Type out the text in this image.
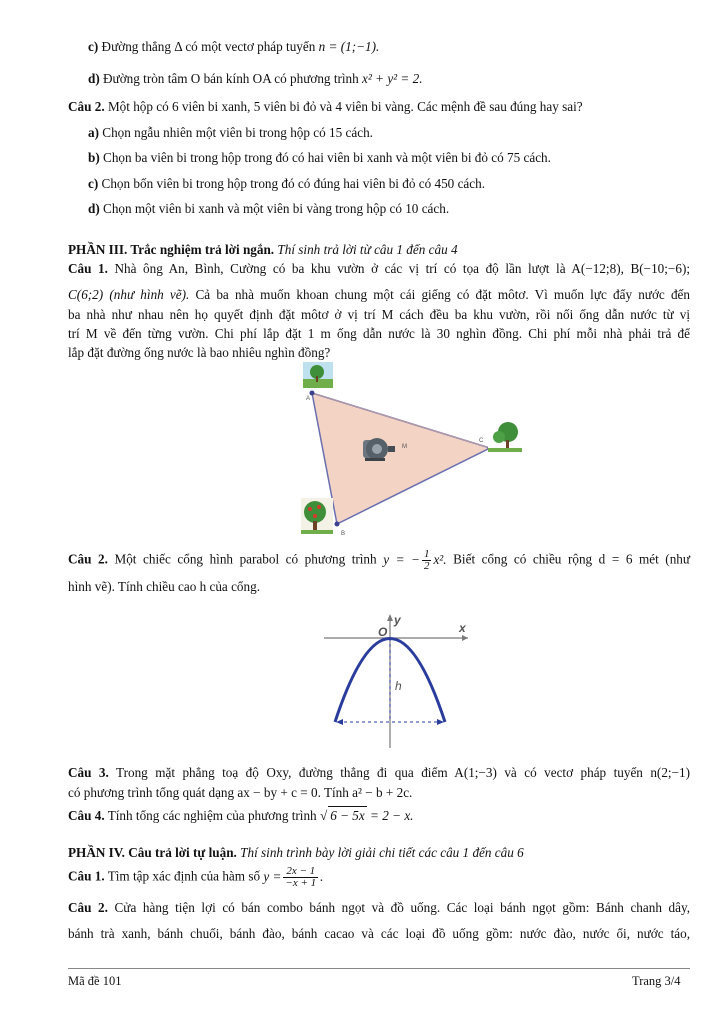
c) Đường thẳng Δ có một vectơ pháp tuyến n = (1;−1).
d) Đường tròn tâm O bán kính OA có phương trình x² + y² = 2.
Câu 2. Một hộp có 6 viên bi xanh, 5 viên bi đỏ và 4 viên bi vàng. Các mệnh đề sau đúng hay sai?
a) Chọn ngẫu nhiên một viên bi trong hộp có 15 cách.
b) Chọn ba viên bi trong hộp trong đó có hai viên bi xanh và một viên bi đỏ có 75 cách.
c) Chọn bốn viên bi trong hộp trong đó có đúng hai viên bi đỏ có 450 cách.
d) Chọn một viên bi xanh và một viên bi vàng trong hộp có 10 cách.
PHẦN III. Trắc nghiệm trả lời ngắn. Thí sinh trả lời từ câu 1 đến câu 4
Câu 1. Nhà ông An, Bình, Cường có ba khu vườn ở các vị trí có tọa độ lần lượt là A(−12;8), B(−10;−6);
C(6;2) (như hình vẽ). Cả ba nhà muốn khoan chung một cái giếng có đặt môtơ. Vì muốn lực đẩy nước đến
ba nhà như nhau nên họ quyết định đặt môtơ ở vị trí M cách đều ba khu vườn, rồi nối ống dẫn nước từ vị
trí M về đến từng vườn. Chi phí lắp đặt 1 m ống dẫn nước là 30 nghìn đồng. Chi phí mỗi nhà phải trả để
lắp đặt đường ống nước là bao nhiêu nghìn đồng?
A
B
C
M
Câu 2. Một chiếc cổng hình parabol có phương trình y = − $\frac{1}{2} x^2$. Biết cổng có chiều rộng d = 6 mét (như
hình vẽ). Tính chiều cao h của cổng.
y
x
O
h
Câu 3. Trong mặt phẳng toạ độ Oxy, đường thẳng đi qua điểm A(1;−3) và có vectơ pháp tuyến n(2;−1)
có phương trình tổng quát dạng ax − by + c = 0. Tính a² − b + 2c.
Câu 4. Tính tổng các nghiệm của phương trình √ 6 − 5x = 2 − x.
PHẦN IV. Câu trả lời tự luận. Thí sinh trình bày lời giải chi tiết các câu 1 đến câu 6
Câu 1. Tìm tập xác định của hàm số $y = \frac{2x - 1}{-x + 1}$ .
Câu 2. Cửa hàng tiện lợi có bán combo bánh ngọt và đồ uống. Các loại bánh ngọt gồm: Bánh chanh dây,
bánh trà xanh, bánh chuối, bánh đào, bánh cacao và các loại đồ uống gồm: nước đào, nước ổi, nước táo,
Mã đề 101	Trang 3/4
